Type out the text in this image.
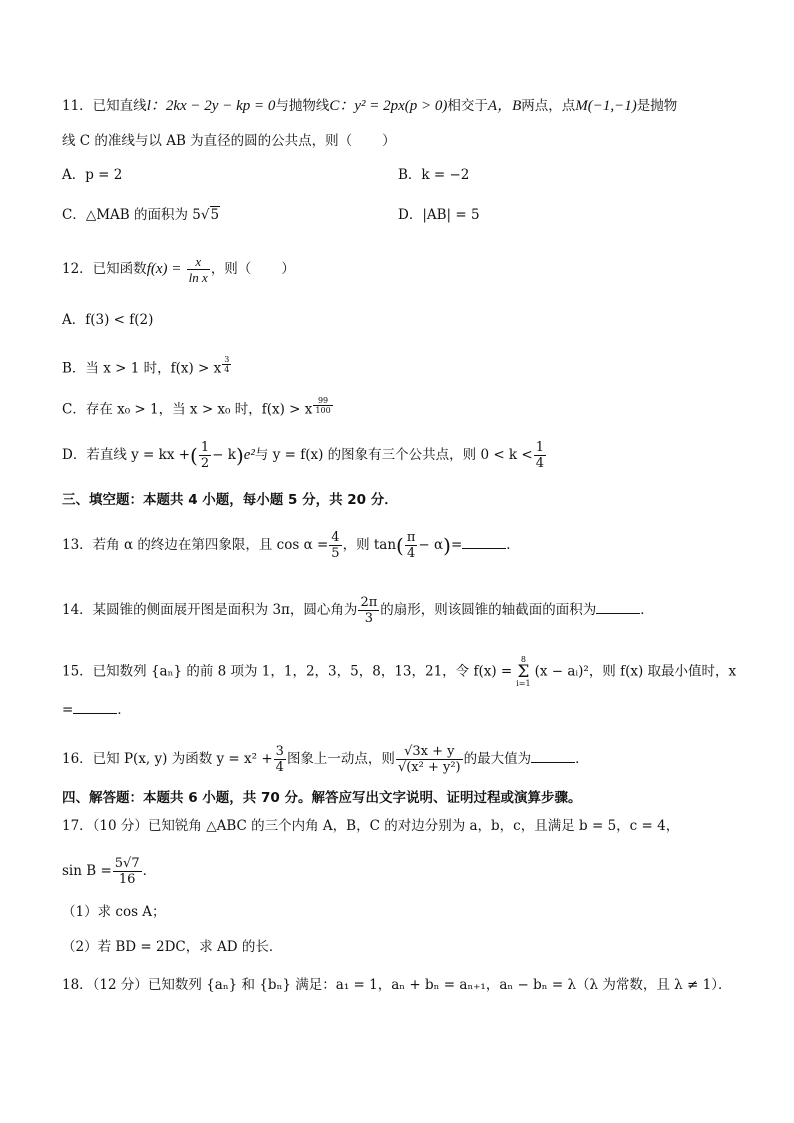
11．已知直线l：2kx − 2y − kp = 0与抛物线C：y² = 2px(p > 0)相交于A，B两点，点M(−1,−1)是抛物
线 C 的准线与以 AB 为直径的圆的公共点，则（ ）
A．p = 2	B．k = −2
C．△MAB 的面积为 5√5	D．|AB| = 5
12．已知函数$f(x) = \frac{x}{\text{ln x}}$ ，则（ ）
A．f(3) < f(2)
B．当 x > 1 时，f(x) > x $^{\frac{3}{4}}$
C．存在 x₀ > 1，当 x > x₀ 时，f(x) > x $^{\frac{99}{100}}$
D．若直线 y = kx +( $\frac{1}{2} - k)e^2$与 y = f(x) 的图象有三个公共点，则 $0 < k < \frac{1}{4}$
三、填空题：本题共 4 小题，每小题 5 分，共 20 分．
13．若角 α 的终边在第四象限，且 $\cos \alpha = \frac{4}{5}$ ，则 $\tan( \frac{\pi}{4} - \alpha)=$	．
14．某圆锥的侧面展开图是面积为 3π，圆心角为 $\frac{2\pi}{3}$ 的扇形，则该圆锥的轴截面的面积为	．
15．已知数列 {aₙ} 的前 8 项为 1，1，2，3，5，8，13，21，令 f(x) =
8
Σ
i=1
(x − aᵢ)²，则 f(x) 取最小值时，x
=	．
16．已知 P(x, y) 为函数 $y = x^2 + \frac{3}{4}$ 图象上一动点，则 $\frac{√3x + y}{\text{√(x² + y²)}}$ 的最大值为	．
四、解答题：本题共 6 小题，共 70 分。解答应写出文字说明、证明过程或演算步骤。
17．（10 分）已知锐角 △ABC 的三个内角 A，B，C 的对边分别为 a，b，c，且满足 b = 5，c = 4，
$\sin B = \frac{5√7}{16}$ ．
（1）求 cos A；
（2）若 BD = 2DC，求 AD 的长．
18．（12 分）已知数列 {aₙ} 和 {bₙ} 满足：a₁ = 1，aₙ + bₙ = aₙ₊₁，aₙ − bₙ = λ（λ 为常数，且 λ ≠ 1）．
